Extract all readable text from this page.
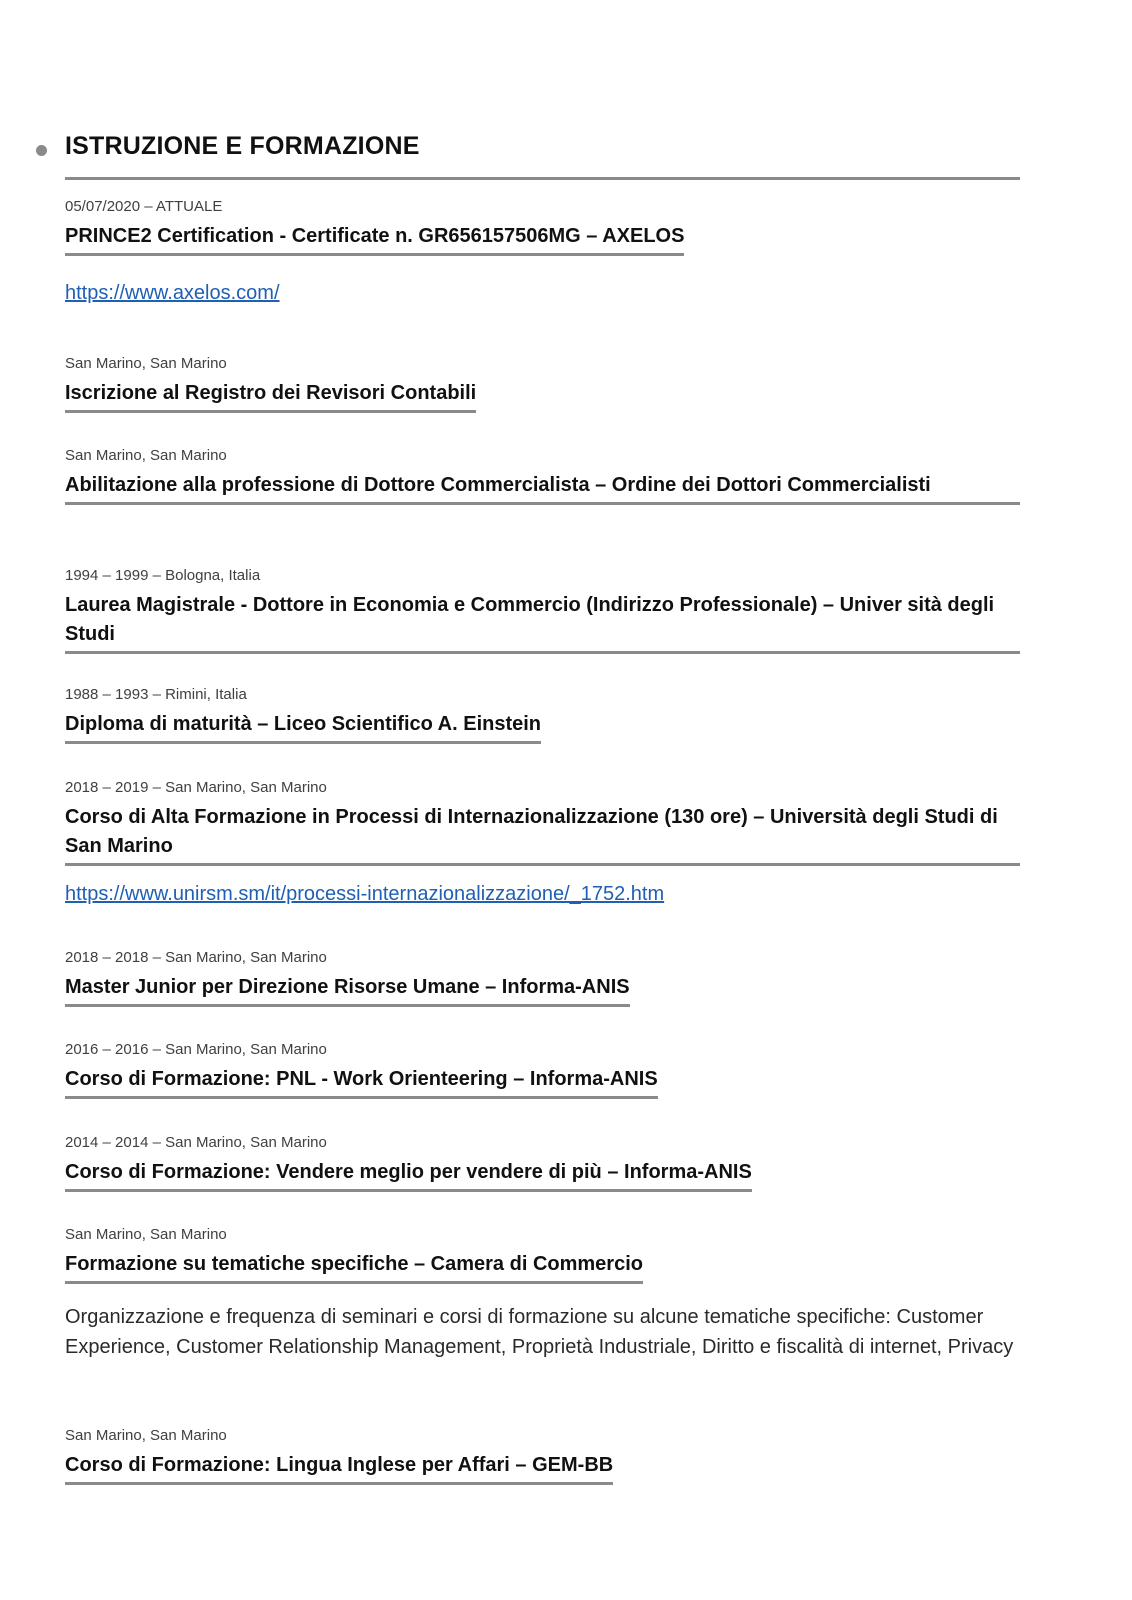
ISTRUZIONE E FORMAZIONE
05/07/2020 – ATTUALE
PRINCE2 Certification - Certificate n. GR656157506MG – AXELOS
https://www.axelos.com/
San Marino, San Marino
Iscrizione al Registro dei Revisori Contabili
San Marino, San Marino
Abilitazione alla professione di Dottore Commercialista – Ordine dei Dottori Commercialisti
1994 – 1999 – Bologna, Italia
Laurea Magistrale - Dottore in Economia e Commercio (Indirizzo Professionale) – Univer sità degli Studi
1988 – 1993 – Rimini, Italia
Diploma di maturità – Liceo Scientifico A. Einstein
2018 – 2019 – San Marino, San Marino
Corso di Alta Formazione in Processi di Internazionalizzazione (130 ore) – Università degli Studi di San Marino
https://www.unirsm.sm/it/processi-internazionalizzazione/_1752.htm
2018 – 2018 – San Marino, San Marino
Master Junior per Direzione Risorse Umane – Informa-ANIS
2016 – 2016 – San Marino, San Marino
Corso di Formazione: PNL - Work Orienteering – Informa-ANIS
2014 – 2014 – San Marino, San Marino
Corso di Formazione: Vendere meglio per vendere di più – Informa-ANIS
San Marino, San Marino
Formazione su tematiche specifiche – Camera di Commercio
Organizzazione e frequenza di seminari e corsi di formazione su alcune tematiche specifiche: Customer Experience, Customer Relationship Management, Proprietà Industriale, Diritto e fiscalità di internet, Privacy
San Marino, San Marino
Corso di Formazione: Lingua Inglese per Affari – GEM-BB
